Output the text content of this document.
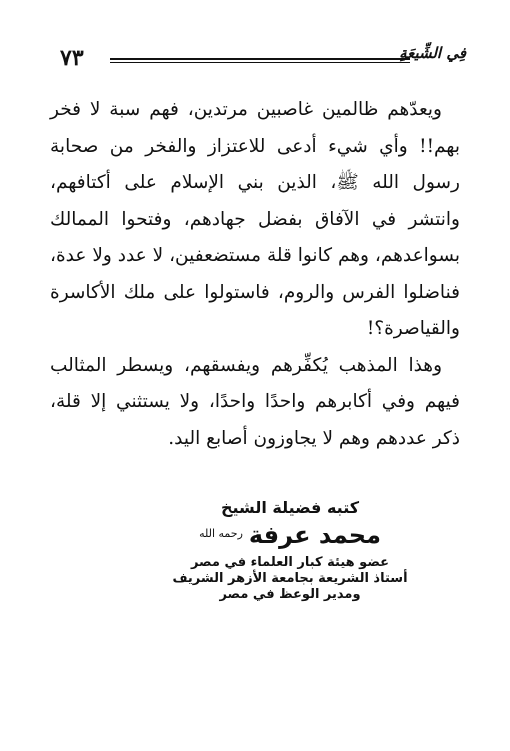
٧٣	فِي الشِّيعَةِ

ويعدّهم ظالمين غاصبين مرتدين، فهم سبة لا فخر بهم!! وأي شيء أدعى للاعتزاز والفخر من صحابة رسول الله ﷺ، الذين بني الإسلام على أكتافهم، وانتشر في الآفاق بفضل جهادهم، وفتحوا الممالك بسواعدهم، وهم كانوا قلة مستضعفين، لا عدد ولا عدة، فناضلوا الفرس والروم، فاستولوا على ملك الأكاسرة والقياصرة؟!

وهذا المذهب يُكفِّرهم ويفسقهم، ويسطر المثالب فيهم وفي أكابرهم واحدًا واحدًا، ولا يستثني إلا قلة، ذكر عددهم وهم لا يجاوزون أصابع اليد.

كتبه فضيلة الشيخ
محمد عرفة$^{رحمه الله}$
عضو هيئة كبار العلماء في مصر
أستاذ الشريعة بجامعة الأزهر الشريف
ومدير الوعظ في مصر
